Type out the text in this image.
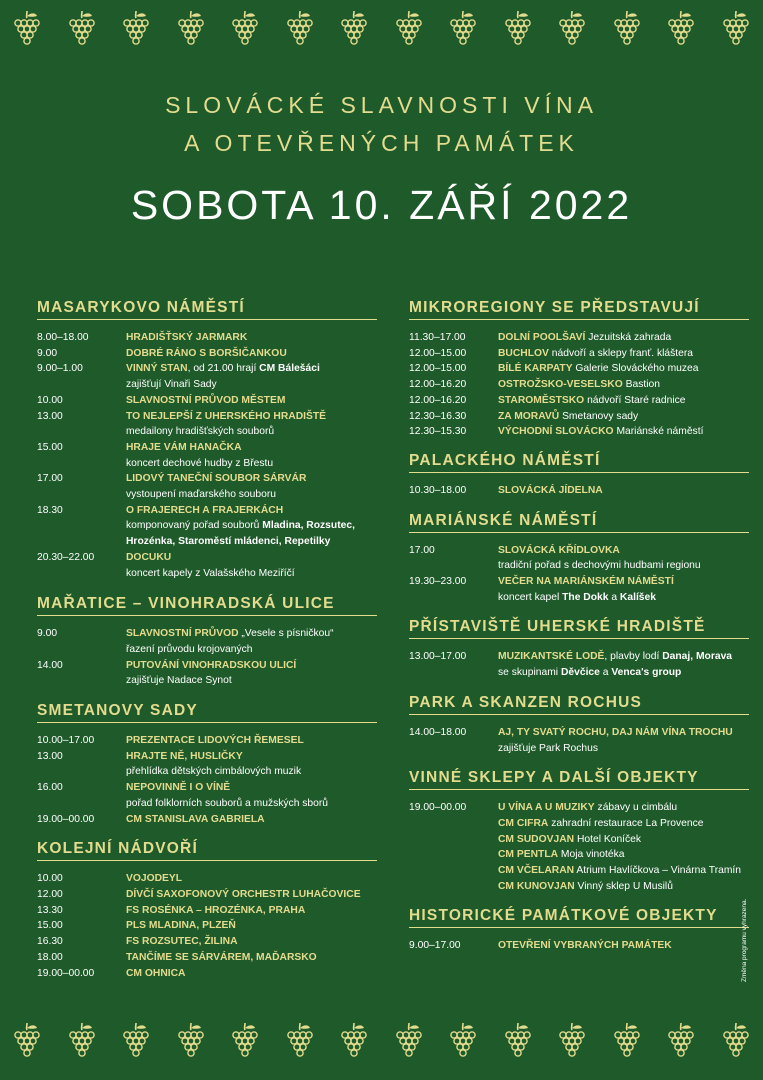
SLOVÁCKÉ SLAVNOSTI VÍNA
A OTEVŘENÝCH PAMÁTEK
SOBOTA 10. ZÁŘÍ 2022
MASARYKOVO NÁMĚSTÍ
8.00–18.00	HRADIŠŤSKÝ JARMARK
9.00	DOBRÉ RÁNO S BORŠIČANKOU
9.00–1.00	VINNÝ STAN, od 21.00 hrají CM Bálešáci
zajišťují Vinaři Sady
10.00	SLAVNOSTNÍ PRŮVOD MĚSTEM
13.00	TO NEJLEPŠÍ Z UHERSKÉHO HRADIŠTĚ
medailony hradišťských souborů
15.00	HRAJE VÁM HANAČKA
koncert dechové hudby z Břestu
17.00	LIDOVÝ TANEČNÍ SOUBOR SÁRVÁR
vystoupení maďarského souboru
18.30	O FRAJERECH A FRAJERKÁCH
komponovaný pořad souborů Mladina, Rozsutec,
Hrozénka, Staroměstí mládenci, Repetilky
20.30–22.00	DOCUKU
koncert kapely z Valašského Meziříčí
MAŘATICE – VINOHRADSKÁ ULICE
9.00	SLAVNOSTNÍ PRŮVOD „Vesele s písničkou“
řazení průvodu krojovaných
14.00	PUTOVÁNÍ VINOHRADSKOU ULICÍ
zajišťuje Nadace Synot
SMETANOVY SADY
10.00–17.00	PREZENTACE LIDOVÝCH ŘEMESEL
13.00	HRAJTE NĚ, HUSLIČKY
přehlídka dětských cimbálových muzik
16.00	NEPOVINNĚ I O VÍNĚ
pořad folklorních souborů a mužských sborů
19.00–00.00	CM STANISLAVA GABRIELA
KOLEJNÍ NÁDVOŘÍ
10.00	VOJODEYL
12.00	DÍVČÍ SAXOFONOVÝ ORCHESTR LUHAČOVICE
13.30	FS ROSÉNKA – HROZÉNKA, PRAHA
15.00	PLS MLADINA, PLZEŇ
16.30	FS ROZSUTEC, ŽILINA
18.00	TANČÍME SE SÁRVÁREM, MAĎARSKO
19.00–00.00	CM OHNICA
MIKROREGIONY SE PŘEDSTAVUJÍ
11.30–17.00	DOLNÍ POOLŠAVÍ Jezuitská zahrada
12.00–15.00	BUCHLOV nádvoří a sklepy franť. kláštera
12.00–15.00	BÍLÉ KARPATY Galerie Slováckého muzea
12.00–16.20	OSTROŽSKO-VESELSKO Bastion
12.00–16.20	STAROMĚSTSKO nádvoří Staré radnice
12.30–16.30	ZA MORAVŮ Smetanovy sady
12.30–15.30	VÝCHODNÍ SLOVÁCKO Mariánské náměstí
PALACKÉHO NÁMĚSTÍ
10.30–18.00	SLOVÁCKÁ JÍDELNA
MARIÁNSKÉ NÁMĚSTÍ
17.00	SLOVÁCKÁ KŘÍDLOVKA
tradiční pořad s dechovými hudbami regionu
19.30–23.00	VEČER NA MARIÁNSKÉM NÁMĚSTÍ
koncert kapel The Dokk a Kalíšek
PŘÍSTAVIŠTĚ UHERSKÉ HRADIŠTĚ
13.00–17.00	MUZIKANTSKÉ LODĚ, plavby lodí Danaj, Morava
se skupinami Děvčice a Venca's group
PARK A SKANZEN ROCHUS
14.00–18.00	AJ, TY SVATÝ ROCHU, DAJ NÁM VÍNA TROCHU
zajišťuje Park Rochus
VINNÉ SKLEPY A DALŠÍ OBJEKTY
19.00–00.00	U VÍNA A U MUZIKY zábavy u cimbálu
CM CIFRA zahradní restaurace La Provence
CM SUDOVJAN Hotel Koníček
CM PENTLA Moja vinotéka
CM VČELARAN Atrium Havlíčkova – Vinárna Tramín
CM KUNOVJAN Vinný sklep U Musilů
HISTORICKÉ PAMÁTKOVÉ OBJEKTY
9.00–17.00	OTEVŘENÍ VYBRANÝCH PAMÁTEK	Změna programu vyhrazena.
